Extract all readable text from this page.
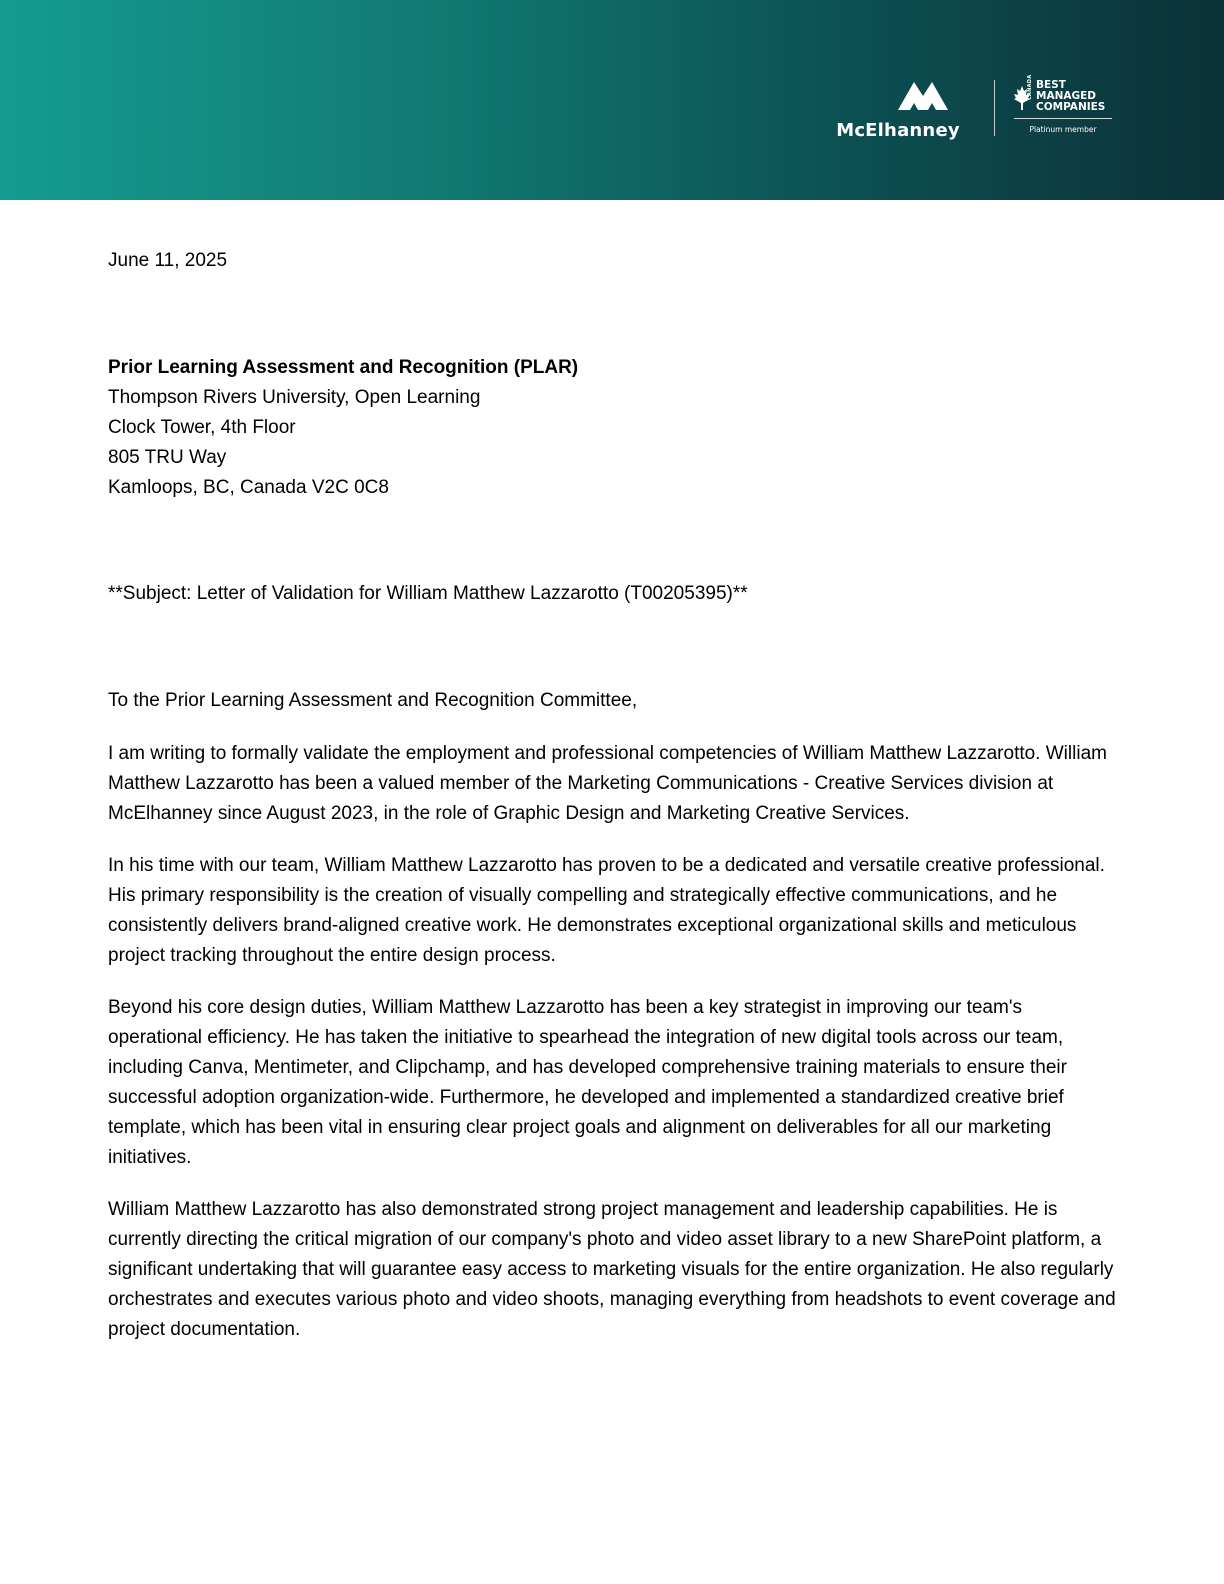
McElhanney
CANADA BEST
MANAGED
COMPANIES
Platinum member

June 11, 2025

Prior Learning Assessment and Recognition (PLAR)

Thompson Rivers University, Open Learning

Clock Tower, 4th Floor

805 TRU Way

Kamloops, BC, Canada V2C 0C8

**Subject: Letter of Validation for William Matthew Lazzarotto (T00205395)**

To the Prior Learning Assessment and Recognition Committee,

I am writing to formally validate the employment and professional competencies of William Matthew Lazzarotto. William Matthew Lazzarotto has been a valued member of the Marketing Communications - Creative Services division at McElhanney since August 2023, in the role of Graphic Design and Marketing Creative Services.

In his time with our team, William Matthew Lazzarotto has proven to be a dedicated and versatile creative professional. His primary responsibility is the creation of visually compelling and strategically effective communications, and he consistently delivers brand-aligned creative work. He demonstrates exceptional organizational skills and meticulous project tracking throughout the entire design process.

Beyond his core design duties, William Matthew Lazzarotto has been a key strategist in improving our team's operational efficiency. He has taken the initiative to spearhead the integration of new digital tools across our team, including Canva, Mentimeter, and Clipchamp, and has developed comprehensive training materials to ensure their successful adoption organization-wide. Furthermore, he developed and implemented a standardized creative brief template, which has been vital in ensuring clear project goals and alignment on deliverables for all our marketing initiatives.

William Matthew Lazzarotto has also demonstrated strong project management and leadership capabilities. He is currently directing the critical migration of our company's photo and video asset library to a new SharePoint platform, a significant undertaking that will guarantee easy access to marketing visuals for the entire organization. He also regularly orchestrates and executes various photo and video shoots, managing everything from headshots to event coverage and project documentation.
